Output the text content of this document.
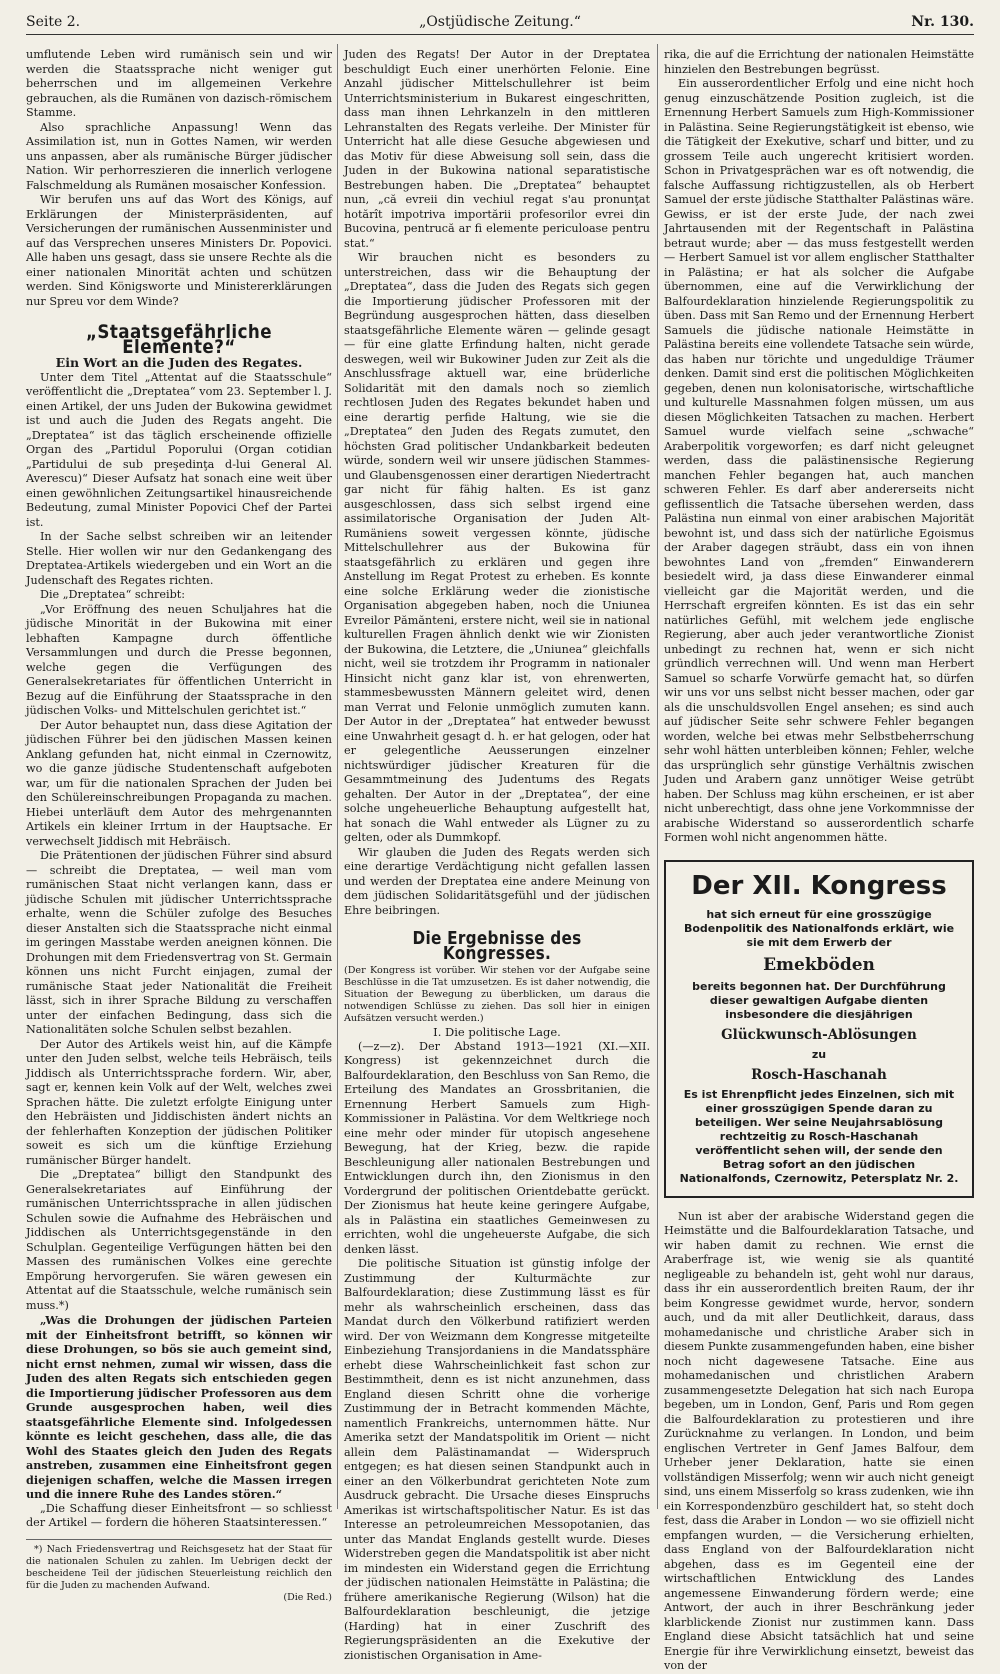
Seite 2.	„Ostjüdische Zeitung.“	Nr. 130.

umflutende Leben wird rumänisch sein und wir werden die Staatssprache nicht weniger gut beherrschen und im allgemeinen Verkehre gebrauchen, als die Rumänen von dazisch-römischem Stamme.

Also sprachliche Anpassung! Wenn das Assimilation ist, nun in Gottes Namen, wir werden uns anpassen, aber als rumänische Bürger jüdischer Nation. Wir perhorreszieren die innerlich verlogene Falschmeldung als Rumänen mosaischer Konfession.

Wir berufen uns auf das Wort des Königs, auf Erklärungen der Ministerpräsidenten, auf Versicherungen der rumänischen Aussenminister und auf das Versprechen unseres Ministers Dr. Popovici. Alle haben uns gesagt, dass sie unsere Rechte als die einer nationalen Minorität achten und schützen werden. Sind Königsworte und Ministererklärungen nur Spreu vor dem Winde?

„Staatsgefährliche Elemente?“

Ein Wort an die Juden des Regates.

Unter dem Titel „Attentat auf die Staatsschule“ veröffentlicht die „Dreptatea“ vom 23. September l. J. einen Artikel, der uns Juden der Bukowina gewidmet ist und auch die Juden des Regats angeht. Die „Dreptatea“ ist das täglich erscheinende offizielle Organ des „Partidul Poporului (Organ cotidian „Partidului de sub preşedinţa d-lui General Al. Averescu)“ Dieser Aufsatz hat sonach eine weit über einen gewöhnlichen Zeitungsartikel hinausreichende Bedeutung, zumal Minister Popovici Chef der Partei ist.

In der Sache selbst schreiben wir an leitender Stelle. Hier wollen wir nur den Gedankengang des Dreptatea-Artikels wiedergeben und ein Wort an die Judenschaft des Regates richten.

Die „Dreptatea“ schreibt:

„Vor Eröffnung des neuen Schuljahres hat die jüdische Minorität in der Bukowina mit einer lebhaften Kampagne durch öffentliche Versammlungen und durch die Presse begonnen, welche gegen die Verfügungen des Generalsekretariates für öffentlichen Unterricht in Bezug auf die Einführung der Staatssprache in den jüdischen Volks- und Mittelschulen gerichtet ist.“

Der Autor behauptet nun, dass diese Agitation der jüdischen Führer bei den jüdischen Massen keinen Anklang gefunden hat, nicht einmal in Czernowitz, wo die ganze jüdische Studentenschaft aufgeboten war, um für die nationalen Sprachen der Juden bei den Schülereinschreibungen Propaganda zu machen. Hiebei unterläuft dem Autor des mehrgenannten Artikels ein kleiner Irrtum in der Hauptsache. Er verwechselt Jiddisch mit Hebräisch.

Die Prätentionen der jüdischen Führer sind absurd — schreibt die Dreptatea, — weil man vom rumänischen Staat nicht verlangen kann, dass er jüdische Schulen mit jüdischer Unterrichtssprache erhalte, wenn die Schüler zufolge des Besuches dieser Anstalten sich die Staatssprache nicht einmal im geringen Masstabe werden aneignen können. Die Drohungen mit dem Friedensvertrag von St. Germain können uns nicht Furcht einjagen, zumal der rumänische Staat jeder Nationalität die Freiheit lässt, sich in ihrer Sprache Bildung zu verschaffen unter der einfachen Bedingung, dass sich die Nationalitäten solche Schulen selbst bezahlen.

Der Autor des Artikels weist hin, auf die Kämpfe unter den Juden selbst, welche teils Hebräisch, teils Jiddisch als Unterrichtssprache fordern. Wir, aber, sagt er, kennen kein Volk auf der Welt, welches zwei Sprachen hätte. Die zuletzt erfolgte Einigung unter den Hebräisten und Jiddischisten ändert nichts an der fehlerhaften Konzeption der jüdischen Politiker soweit es sich um die künftige Erziehung rumänischer Bürger handelt.

Die „Dreptatea“ billigt den Standpunkt des Generalsekretariates auf Einführung der rumänischen Unterrichtssprache in allen jüdischen Schulen sowie die Aufnahme des Hebräischen und Jiddischen als Unterrichtsgegenstände in den Schulplan. Gegenteilige Verfügungen hätten bei den Massen des rumänischen Volkes eine gerechte Empörung hervorgerufen. Sie wären gewesen ein Attentat auf die Staatsschule, welche rumänisch sein muss.*)

„Was die Drohungen der jüdischen Parteien mit der Einheitsfront betrifft, so können wir diese Drohungen, so bös sie auch gemeint sind, nicht ernst nehmen, zumal wir wissen, dass die Juden des alten Regats sich entschieden gegen die Importierung jüdischer Professoren aus dem Grunde ausgesprochen haben, weil dies staatsgefährliche Elemente sind. Infolgedessen könnte es leicht geschehen, dass alle, die das Wohl des Staates gleich den Juden des Regats anstreben, zusammen eine Einheitsfront gegen diejenigen schaffen, welche die Massen irregen und die innere Ruhe des Landes stören.“

„Die Schaffung dieser Einheitsfront — so schliesst der Artikel — fordern die höheren Staatsinteressen.“

*) Nach Friedensvertrag und Reichsgesetz hat der Staat für die nationalen Schulen zu zahlen. Im Uebrigen deckt der bescheidene Teil der jüdischen Steuerleistung reichlich den für die Juden zu machenden Aufwand.

(Die Red.)

Juden des Regats! Der Autor in der Dreptatea beschuldigt Euch einer unerhörten Felonie. Eine Anzahl jüdischer Mittelschullehrer ist beim Unterrichtsministerium in Bukarest eingeschritten, dass man ihnen Lehrkanzeln in den mittleren Lehranstalten des Regats verleihe. Der Minister für Unterricht hat alle diese Gesuche abgewiesen und das Motiv für diese Abweisung soll sein, dass die Juden in der Bukowina national separatistische Bestrebungen haben. Die „Dreptatea“ behauptet nun, „că evreii din vechiul regat s'au pronunţat hotărît impotriva importării profesorilor evrei din Bucovina, pentrucă ar fi elemente periculoase pentru stat.“

Wir brauchen nicht es besonders zu unterstreichen, dass wir die Behauptung der „Dreptatea“, dass die Juden des Regats sich gegen die Importierung jüdischer Professoren mit der Begründung ausgesprochen hätten, dass dieselben staatsgefährliche Elemente wären — gelinde gesagt — für eine glatte Erfindung halten, nicht gerade deswegen, weil wir Bukowiner Juden zur Zeit als die Anschlussfrage aktuell war, eine brüderliche Solidarität mit den damals noch so ziemlich rechtlosen Juden des Regates bekundet haben und eine derartig perfide Haltung, wie sie die „Dreptatea“ den Juden des Regats zumutet, den höchsten Grad politischer Undankbarkeit bedeuten würde, sondern weil wir unsere jüdischen Stammes- und Glaubensgenossen einer derartigen Niedertracht gar nicht für fähig halten. Es ist ganz ausgeschlossen, dass sich selbst irgend eine assimilatorische Organisation der Juden Alt-Rumäniens soweit vergessen könnte, jüdische Mittelschullehrer aus der Bukowina für staatsgefährlich zu erklären und gegen ihre Anstellung im Regat Protest zu erheben. Es konnte eine solche Erklärung weder die zionistische Organisation abgegeben haben, noch die Uniunea Evreilor Pămănteni, erstere nicht, weil sie in national kulturellen Fragen ähnlich denkt wie wir Zionisten der Bukowina, die Letztere, die „Uniunea“ gleichfalls nicht, weil sie trotzdem ihr Programm in nationaler Hinsicht nicht ganz klar ist, von ehrenwerten, stammesbewussten Männern geleitet wird, denen man Verrat und Felonie unmöglich zumuten kann. Der Autor in der „Dreptatea“ hat entweder bewusst eine Unwahrheit gesagt d. h. er hat gelogen, oder hat er gelegentliche Aeusserungen einzelner nichtswürdiger jüdischer Kreaturen für die Gesammtmeinung des Judentums des Regats gehalten. Der Autor in der „Dreptatea“, der eine solche ungeheuerliche Behauptung aufgestellt hat, hat sonach die Wahl entweder als Lügner zu zu gelten, oder als Dummkopf.

Wir glauben die Juden des Regats werden sich eine derartige Verdächtigung nicht gefallen lassen und werden der Dreptatea eine andere Meinung von dem jüdischen Solidaritätsgefühl und der jüdischen Ehre beibringen.

Die Ergebnisse des Kongresses.

(Der Kongress ist vorüber. Wir stehen vor der Aufgabe seine Beschlüsse in die Tat umzusetzen. Es ist daher notwendig, die Situation der Bewegung zu überblicken, um daraus die notwendigen Schlüsse zu ziehen. Das soll hier in einigen Aufsätzen versucht werden.)

I. Die politische Lage.

(—z—z). Der Abstand 1913—1921 (XI.—XII. Kongress) ist gekennzeichnet durch die Balfourdeklaration, den Beschluss von San Remo, die Erteilung des Mandates an Grossbritanien, die Ernennung Herbert Samuels zum High-Kommissioner in Palästina. Vor dem Weltkriege noch eine mehr oder minder für utopisch angesehene Bewegung, hat der Krieg, bezw. die rapide Beschleunigung aller nationalen Bestrebungen und Entwicklungen durch ihn, den Zionismus in den Vordergrund der politischen Orientdebatte gerückt. Der Zionismus hat heute keine geringere Aufgabe, als in Palästina ein staatliches Gemeinwesen zu errichten, wohl die ungeheuerste Aufgabe, die sich denken lässt.

Die politische Situation ist günstig infolge der Zustimmung der Kulturmächte zur Balfourdeklaration; diese Zustimmung lässt es für mehr als wahrscheinlich erscheinen, dass das Mandat durch den Völkerbund ratifiziert werden wird. Der von Weizmann dem Kongresse mitgeteilte Einbeziehung Transjordaniens in die Mandatssphäre erhebt diese Wahrscheinlichkeit fast schon zur Bestimmtheit, denn es ist nicht anzunehmen, dass England diesen Schritt ohne die vorherige Zustimmung der in Betracht kommenden Mächte, namentlich Frankreichs, unternommen hätte. Nur Amerika setzt der Mandatspolitik im Orient — nicht allein dem Palästinamandat — Widerspruch entgegen; es hat diesen seinen Standpunkt auch in einer an den Völkerbundrat gerichteten Note zum Ausdruck gebracht. Die Ursache dieses Einspruchs Amerikas ist wirtschaftspolitischer Natur. Es ist das Interesse an petroleumreichen Messopotanien, das unter das Mandat Englands gestellt wurde. Dieses Widerstreben gegen die Mandatspolitik ist aber nicht im mindesten ein Widerstand gegen die Errichtung der jüdischen nationalen Heimstätte in Palästina; die frühere amerikanische Regierung (Wilson) hat die Balfourdeklaration beschleunigt, die jetzige (Harding) hat in einer Zuschrift des Regierungspräsidenten an die Exekutive der zionistischen Organisation in Ame-

rika, die auf die Errichtung der nationalen Heimstätte hinzielen den Bestrebungen begrüsst.

Ein ausserordentlicher Erfolg und eine nicht hoch genug einzuschätzende Position zugleich, ist die Ernennung Herbert Samuels zum High-Kommissioner in Palästina. Seine Regierungstätigkeit ist ebenso, wie die Tätigkeit der Exekutive, scharf und bitter, und zu grossem Teile auch ungerecht kritisiert worden. Schon in Privatgesprächen war es oft notwendig, die falsche Auffassung richtigzustellen, als ob Herbert Samuel der erste jüdische Statthalter Palästinas wäre. Gewiss, er ist der erste Jude, der nach zwei Jahrtausenden mit der Regentschaft in Palästina betraut wurde; aber — das muss festgestellt werden — Herbert Samuel ist vor allem englischer Statthalter in Palästina; er hat als solcher die Aufgabe übernommen, eine auf die Verwirklichung der Balfourdeklaration hinzielende Regierungspolitik zu üben. Dass mit San Remo und der Ernennung Herbert Samuels die jüdische nationale Heimstätte in Palästina bereits eine vollendete Tatsache sein würde, das haben nur törichte und ungeduldige Träumer denken. Damit sind erst die politischen Möglichkeiten gegeben, denen nun kolonisatorische, wirtschaftliche und kulturelle Massnahmen folgen müssen, um aus diesen Möglichkeiten Tatsachen zu machen. Herbert Samuel wurde vielfach seine „schwache“ Araberpolitik vorgeworfen; es darf nicht geleugnet werden, dass die palästinensische Regierung manchen Fehler begangen hat, auch manchen schweren Fehler. Es darf aber andererseits nicht geflissentlich die Tatsache übersehen werden, dass Palästina nun einmal von einer arabischen Majorität bewohnt ist, und dass sich der natürliche Egoismus der Araber dagegen sträubt, dass ein von ihnen bewohntes Land von „fremden“ Einwanderern besiedelt wird, ja dass diese Einwanderer einmal vielleicht gar die Majorität werden, und die Herrschaft ergreifen könnten. Es ist das ein sehr natürliches Gefühl, mit welchem jede englische Regierung, aber auch jeder verantwortliche Zionist unbedingt zu rechnen hat, wenn er sich nicht gründlich verrechnen will. Und wenn man Herbert Samuel so scharfe Vorwürfe gemacht hat, so dürfen wir uns vor uns selbst nicht besser machen, oder gar als die unschuldsvollen Engel ansehen; es sind auch auf jüdischer Seite sehr schwere Fehler begangen worden, welche bei etwas mehr Selbstbeherrschung sehr wohl hätten unterbleiben können; Fehler, welche das ursprünglich sehr günstige Verhältnis zwischen Juden und Arabern ganz unnötiger Weise getrübt haben. Der Schluss mag kühn erscheinen, er ist aber nicht unberechtigt, dass ohne jene Vorkommnisse der arabische Widerstand so ausserordentlich scharfe Formen wohl nicht angenommen hätte.

Der XII. Kongress

hat sich erneut für eine grosszügige Bodenpolitik des Nationalfonds erklärt, wie sie mit dem Erwerb der

Emekböden

bereits begonnen hat. Der Durchführung dieser gewaltigen Aufgabe dienten insbesondere die diesjährigen

Glückwunsch-Ablösungen
zu
Rosch-Haschanah

Es ist Ehrenpflicht jedes Einzelnen, sich mit einer grosszügigen Spende daran zu beteiligen. Wer seine Neujahrsablösung rechtzeitig zu Rosch-Haschanah veröffentlicht sehen will, der sende den Betrag sofort an den jüdischen Nationalfonds, Czernowitz, Petersplatz Nr. 2.

Nun ist aber der arabische Widerstand gegen die Heimstätte und die Balfourdeklaration Tatsache, und wir haben damit zu rechnen. Wie ernst die Araberfrage ist, wie wenig sie als quantité negligeable zu behandeln ist, geht wohl nur daraus, dass ihr ein ausserordentlich breiten Raum, der ihr beim Kongresse gewidmet wurde, hervor, sondern auch, und da mit aller Deutlichkeit, daraus, dass mohamedanische und christliche Araber sich in diesem Punkte zusammengefunden haben, eine bisher noch nicht dagewesene Tatsache. Eine aus mohamedanischen und christlichen Arabern zusammengesetzte Delegation hat sich nach Europa begeben, um in London, Genf, Paris und Rom gegen die Balfourdeklaration zu protestieren und ihre Zurücknahme zu verlangen. In London, und beim englischen Vertreter in Genf James Balfour, dem Urheber jener Deklaration, hatte sie einen vollständigen Misserfolg; wenn wir auch nicht geneigt sind, uns einem Misserfolg so krass zudenken, wie ihn ein Korrespondenzbüro geschildert hat, so steht doch fest, dass die Araber in London — wo sie offiziell nicht empfangen wurden, — die Versicherung erhielten, dass England von der Balfourdeklaration nicht abgehen, dass es im Gegenteil eine der wirtschaftlichen Entwicklung des Landes angemessene Einwanderung fördern werde; eine Antwort, der auch in ihrer Beschränkung jeder klarblickende Zionist nur zustimmen kann. Dass England diese Absicht tatsächlich hat und seine Energie für ihre Verwirklichung einsetzt, beweist das von der
